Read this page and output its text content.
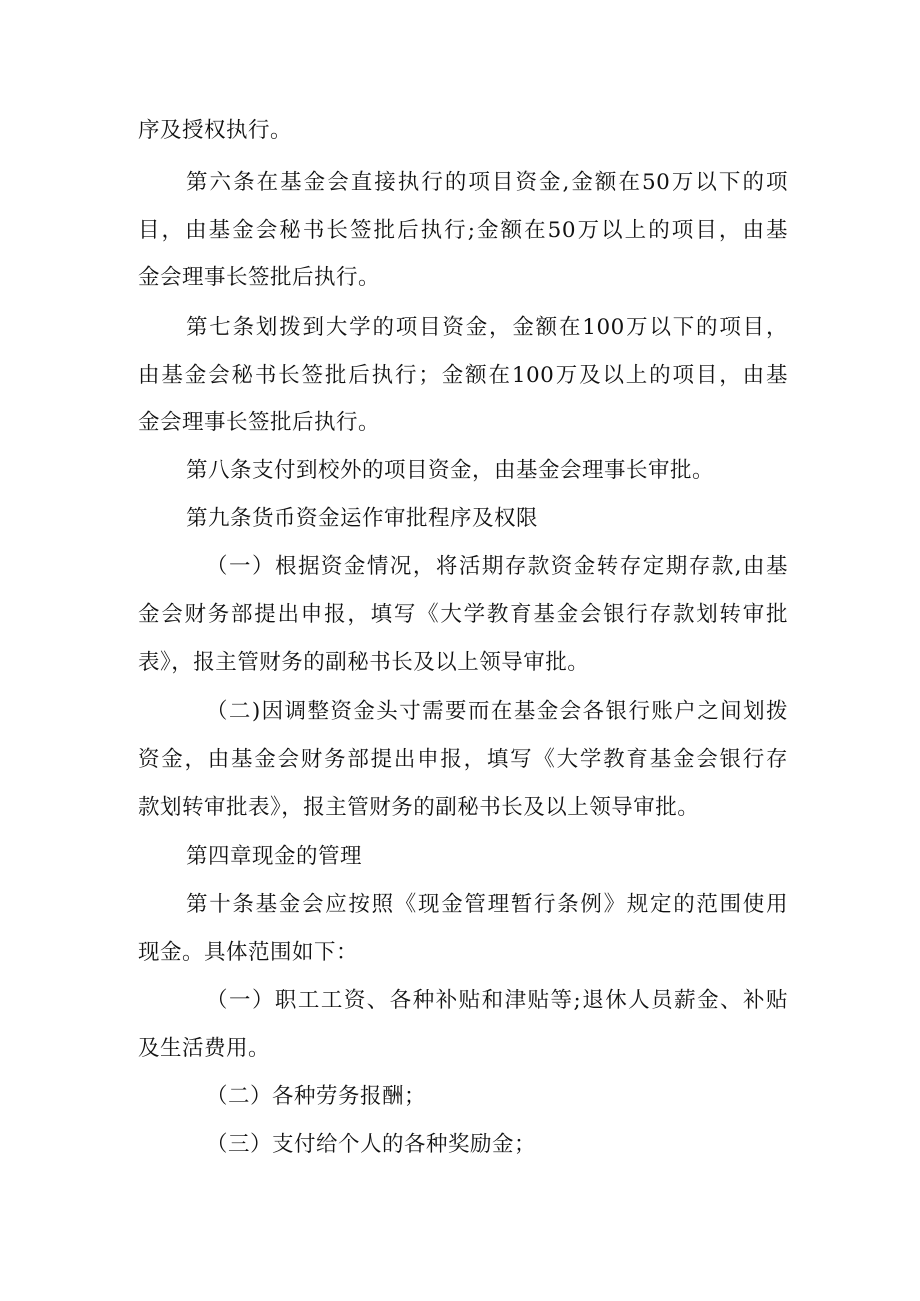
序及授权执行。
第六条在基金会直接执行的项目资金,金额在50万以下的项
目，由基金会秘书长签批后执行;金额在50万以上的项目，由基
金会理事长签批后执行。
第七条划拨到大学的项目资金，金额在100万以下的项目，
由基金会秘书长签批后执行；金额在100万及以上的项目，由基
金会理事长签批后执行。
第八条支付到校外的项目资金，由基金会理事长审批。
第九条货币资金运作审批程序及权限
（一）根据资金情况，将活期存款资金转存定期存款,由基
金会财务部提出申报，填写《大学教育基金会银行存款划转审批
表》，报主管财务的副秘书长及以上领导审批。
（二)因调整资金头寸需要而在基金会各银行账户之间划拨
资金，由基金会财务部提出申报，填写《大学教育基金会银行存
款划转审批表》，报主管财务的副秘书长及以上领导审批。
第四章现金的管理
第十条基金会应按照《现金管理暂行条例》规定的范围使用
现金。具体范围如下：
（一）职工工资、各种补贴和津贴等;退休人员薪金、补贴
及生活费用。
（二）各种劳务报酬；
（三）支付给个人的各种奖励金；
